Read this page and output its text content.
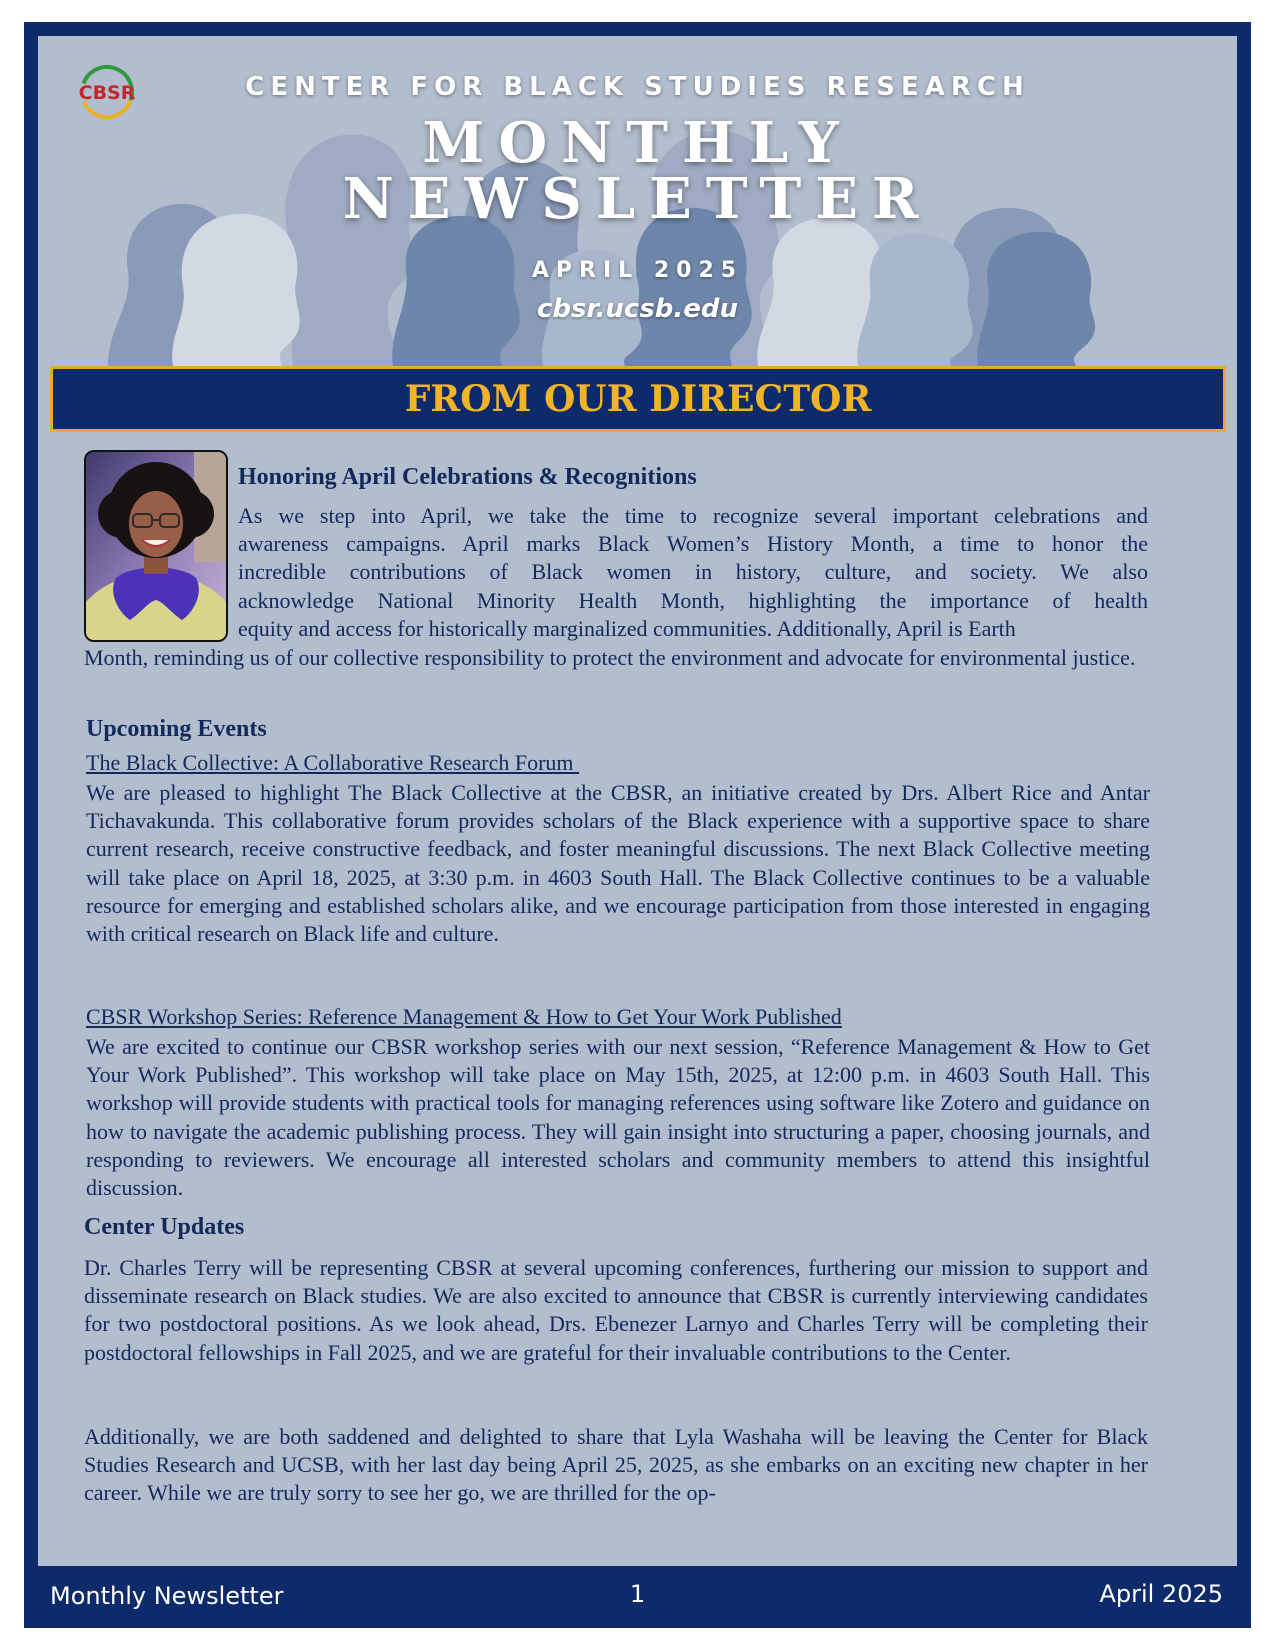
CBSR	CENTER FOR BLACK STUDIES RESEARCH
MONTHLY
NEWSLETTER
APRIL 2025
cbsr.ucsb.edu
FROM OUR DIRECTOR
Honoring April Celebrations & Recognitions
As we step into April, we take the time to recognize several important celebrations and
awareness campaigns. April marks Black Women’s History Month, a time to honor the
incredible contributions of Black women in history, culture, and society. We also
acknowledge National Minority Health Month, highlighting the importance of health
equity and access for historically marginalized communities. Additionally, April is Earth
Month, reminding us of our collective responsibility to protect the environment and advocate for environmental justice.
Upcoming Events
The Black Collective: A Collaborative Research Forum
We are pleased to highlight The Black Collective at the CBSR, an initiative created by Drs. Albert Rice and Antar Tichavakunda. This collaborative forum provides scholars of the Black experience with a supportive space to share current research, receive constructive feedback, and foster meaningful discussions. The next Black Collective meeting will take place on April 18, 2025, at 3:30 p.m. in 4603 South Hall. The Black Collective continues to be a valuable resource for emerging and established scholars alike, and we encourage participation from those interested in engaging with critical research on Black life and culture.
CBSR Workshop Series: Reference Management & How to Get Your Work Published
We are excited to continue our CBSR workshop series with our next session, “Reference Management & How to Get Your Work Published”. This workshop will take place on May 15th, 2025, at 12:00 p.m. in 4603 South Hall. This workshop will provide students with practical tools for managing references using software like Zotero and guidance on how to navigate the academic publishing process. They will gain insight into structuring a paper, choosing journals, and responding to reviewers. We encourage all interested scholars and community members to attend this insightful discussion.
Center Updates
Dr. Charles Terry will be representing CBSR at several upcoming conferences, furthering our mission to support and disseminate research on Black studies. We are also excited to announce that CBSR is currently interviewing candidates for two postdoctoral positions. As we look ahead, Drs. Ebenezer Larnyo and Charles Terry will be completing their postdoctoral fellowships in Fall 2025, and we are grateful for their invaluable contributions to the Center.
Additionally, we are both saddened and delighted to share that Lyla Washaha will be leaving the Center for Black Studies Research and UCSB, with her last day being April 25, 2025, as she embarks on an exciting new chapter in her career. While we are truly sorry to see her go, we are thrilled for the op-
Monthly Newsletter	1	April 2025
